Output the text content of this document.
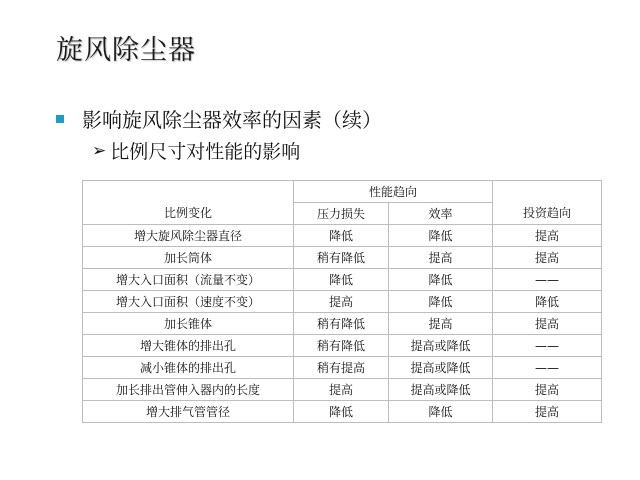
旋风除尘器
影响旋风除尘器效率的因素（续）
➢ 比例尺寸对性能的影响
比例变化	性能趋向		投资趋向
	压力损失	效率	
增大旋风除尘器直径	降低	降低	提高
加长筒体	稍有降低	提高	提高
增大入口面积（流量不变）	降低	降低	——
增大入口面积（速度不变）	提高	降低	降低
加长锥体	稍有降低	提高	提高
增大锥体的排出孔	稍有降低	提高或降低	——
减小锥体的排出孔	稍有提高	提高或降低	——
加长排出管伸入器内的长度	提高	提高或降低	提高
增大排气管管径	降低	降低	提高
